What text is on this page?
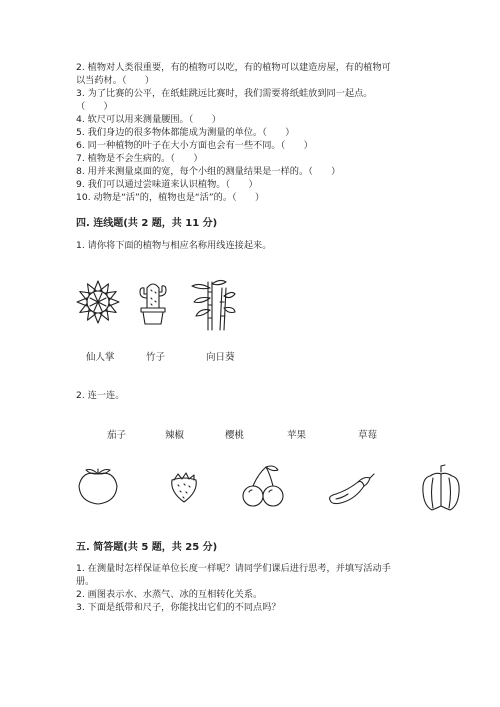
2. 植物对人类很重要，有的植物可以吃，有的植物可以建造房屋，有的植物可
以当药材。（　　）
3. 为了比赛的公平，在纸蛙跳远比赛时，我们需要将纸蛙放到同一起点。
（　　）
4. 软尺可以用来测量腰围。（　　）
5. 我们身边的很多物体都能成为测量的单位。（　　）
6. 同一种植物的叶子在大小方面也会有一些不同。（　　）
7. 植物是不会生病的。（　　）
8. 用并来测量桌面的宽，每个小组的测量结果是一样的。（　　）
9. 我们可以通过尝味道来认识植物。（　　）
10. 动物是“活”的，植物也是“活”的。（　　）
四. 连线题(共 2 题，共 11 分)
1. 请你将下面的植物与相应名称用线连接起来。
仙人掌	竹子	向日葵
2. 连一连。
茄子	辣椒	樱桃	苹果	草莓
五. 简答题(共 5 题，共 25 分)
1. 在测量时怎样保证单位长度一样呢？请同学们课后进行思考，并填写活动手
册。
2. 画图表示水、水蒸气、冰的互相转化关系。
3. 下面是纸带和尺子，你能找出它们的不同点吗？
